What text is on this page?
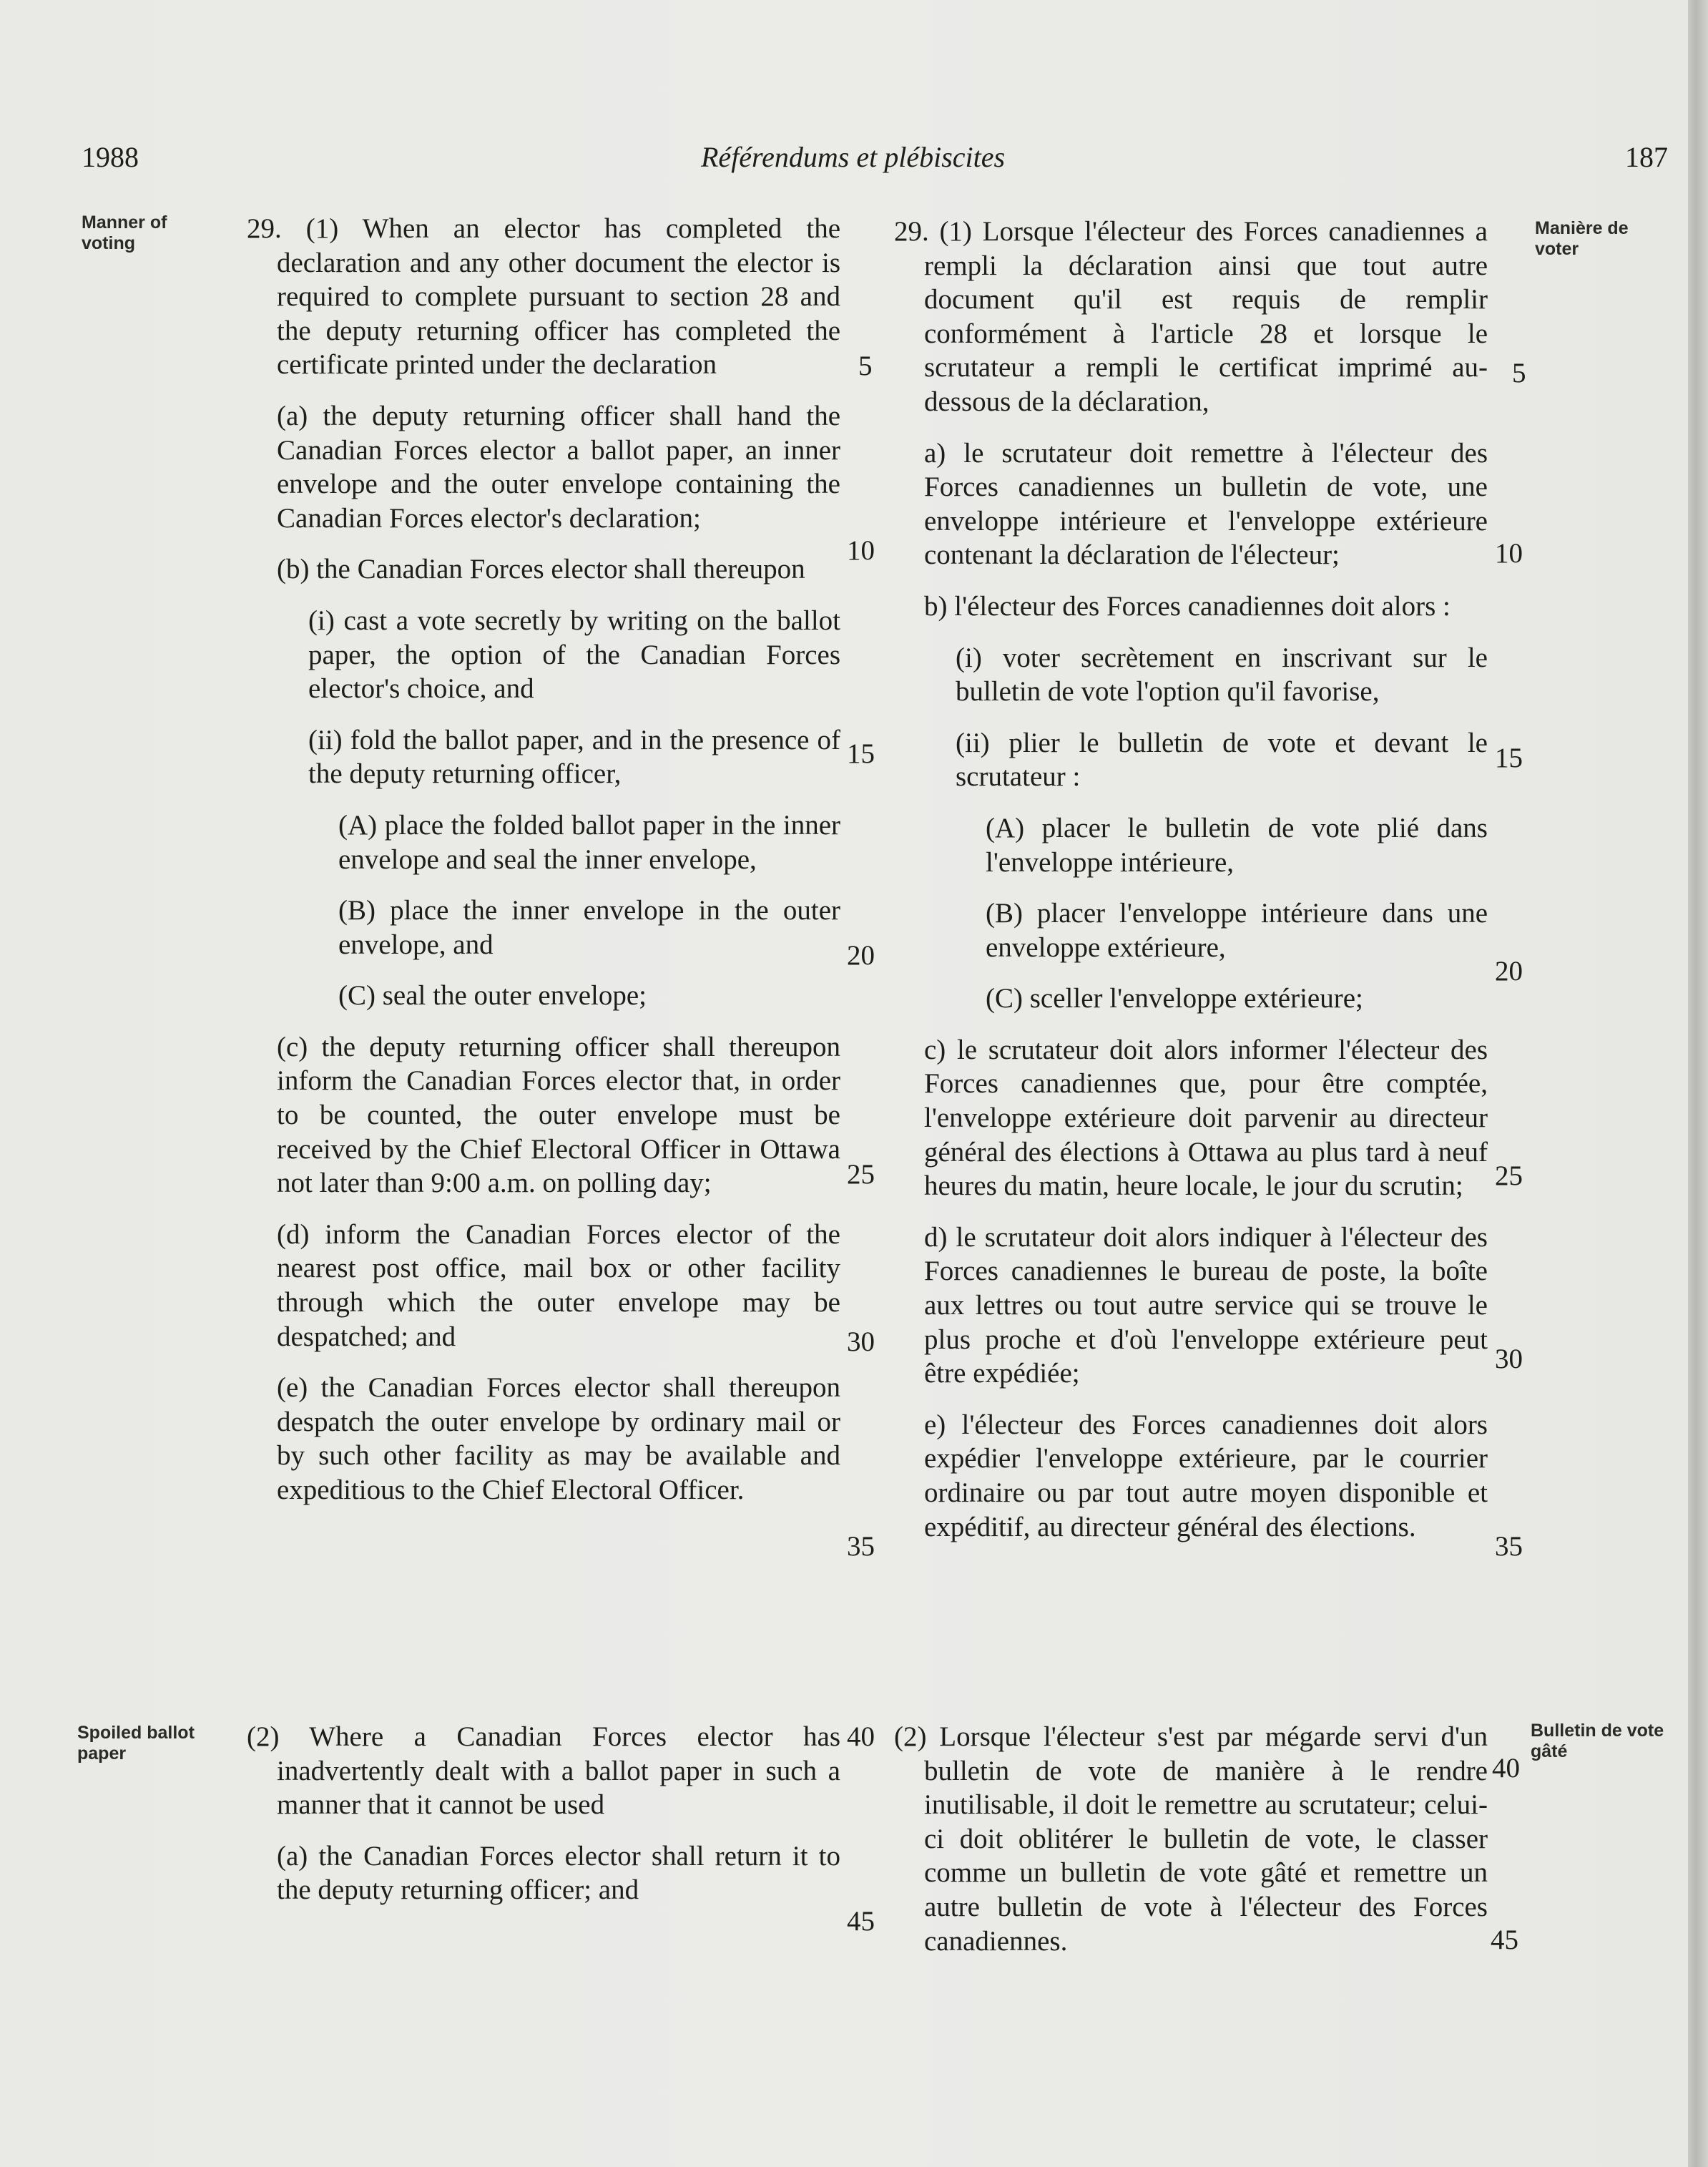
1988	Référendums et plébiscites	187
Manner of voting
Manière de voter
Spoiled ballot paper
Bulletin de vote gâté

29. (1) When an elector has completed the declaration and any other document the elector is required to complete pursuant to section 28 and the deputy returning officer has completed the certificate printed under the declaration

(a) the deputy returning officer shall hand the Canadian Forces elector a ballot paper, an inner envelope and the outer envelope containing the Canadian Forces elector's declaration;

(b) the Canadian Forces elector shall thereupon

(i) cast a vote secretly by writing on the ballot paper, the option of the Canadian Forces elector's choice, and

(ii) fold the ballot paper, and in the presence of the deputy returning officer,

(A) place the folded ballot paper in the inner envelope and seal the inner envelope,

(B) place the inner envelope in the outer envelope, and

(C) seal the outer envelope;

(c) the deputy returning officer shall thereupon inform the Canadian Forces elector that, in order to be counted, the outer envelope must be received by the Chief Electoral Officer in Ottawa not later than 9:00 a.m. on polling day;

(d) inform the Canadian Forces elector of the nearest post office, mail box or other facility through which the outer envelope may be despatched; and

(e) the Canadian Forces elector shall thereupon despatch the outer envelope by ordinary mail or by such other facility as may be available and expeditious to the Chief Electoral Officer.

(2) Where a Canadian Forces elector has inadvertently dealt with a ballot paper in such a manner that it cannot be used

(a) the Canadian Forces elector shall return it to the deputy returning officer; and

29. (1) Lorsque l'électeur des Forces canadiennes a rempli la déclaration ainsi que tout autre document qu'il est requis de remplir conformément à l'article 28 et lorsque le scrutateur a rempli le certificat imprimé au-dessous de la déclaration,

a) le scrutateur doit remettre à l'électeur des Forces canadiennes un bulletin de vote, une enveloppe intérieure et l'enveloppe extérieure contenant la déclaration de l'électeur;

b) l'électeur des Forces canadiennes doit alors :

(i) voter secrètement en inscrivant sur le bulletin de vote l'option qu'il favorise,

(ii) plier le bulletin de vote et devant le scrutateur :

(A) placer le bulletin de vote plié dans l'enveloppe intérieure,

(B) placer l'enveloppe intérieure dans une enveloppe extérieure,

(C) sceller l'enveloppe extérieure;

c) le scrutateur doit alors informer l'électeur des Forces canadiennes que, pour être comptée, l'enveloppe extérieure doit parvenir au directeur général des élections à Ottawa au plus tard à neuf heures du matin, heure locale, le jour du scrutin;

d) le scrutateur doit alors indiquer à l'électeur des Forces canadiennes le bureau de poste, la boîte aux lettres ou tout autre service qui se trouve le plus proche et d'où l'enveloppe extérieure peut être expédiée;

e) l'électeur des Forces canadiennes doit alors expédier l'enveloppe extérieure, par le courrier ordinaire ou par tout autre moyen disponible et expéditif, au directeur général des élections.

(2) Lorsque l'électeur s'est par mégarde servi d'un bulletin de vote de manière à le rendre inutilisable, il doit le remettre au scrutateur; celui-ci doit oblitérer le bulletin de vote, le classer comme un bulletin de vote gâté et remettre un autre bulletin de vote à l'électeur des Forces canadiennes.

5
10
15
20
25
30
35
40
45
5
10
15
20
25
30
35
40
45
